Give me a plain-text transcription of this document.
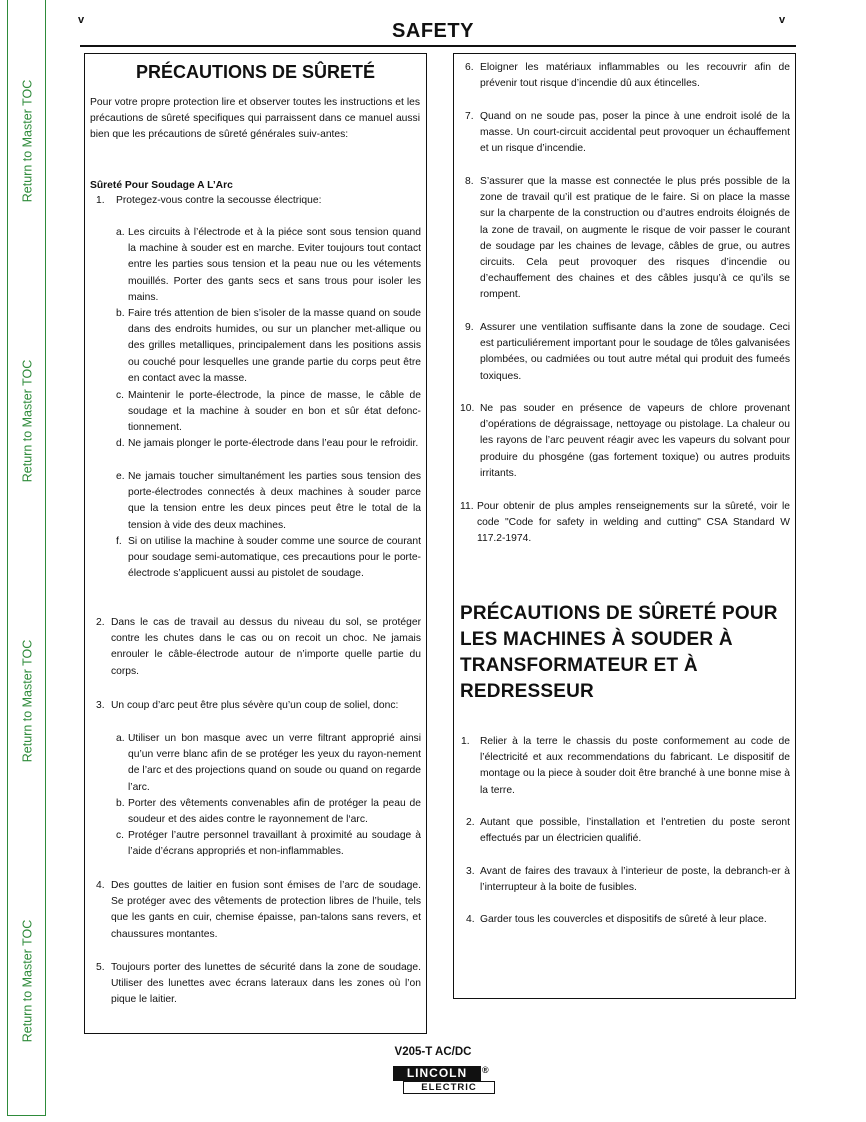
Return to Master TOC
Return to Master TOC
Return to Master TOC
Return to Master TOC
v	v
SAFETY
PRÉCAUTIONS DE SÛRETÉ
Pour votre propre protection lire et observer toutes les instructions et les précautions de sûreté specifiques qui parraissent dans ce manuel aussi bien que les précautions de sûreté générales suiv-antes:
Sûreté Pour Soudage A L’Arc
1. Protegez-vous contre la secousse électrique:
a. Les circuits à l’électrode et à la piéce sont sous tension quand la machine à souder est en marche. Eviter toujours tout contact entre les parties sous tension et la peau nue ou les vétements mouillés. Porter des gants secs et sans trous pour isoler les mains.
b. Faire trés attention de bien s’isoler de la masse quand on soude dans des endroits humides, ou sur un plancher met-allique ou des grilles metalliques, principalement dans les positions assis ou couché pour lesquelles une grande partie du corps peut être en contact avec la masse.
c. Maintenir le porte-électrode, la pince de masse, le câble de soudage et la machine à souder en bon et sûr état defonc-tionnement.
d. Ne jamais plonger le porte-électrode dans l’eau pour le refroidir.
e. Ne jamais toucher simultanément les parties sous tension des porte-électrodes connectés à deux machines à souder parce que la tension entre les deux pinces peut être le total de la tension à vide des deux machines.
f. Si on utilise la machine à souder comme une source de courant pour soudage semi-automatique, ces precautions pour le porte-électrode s’applicuent aussi au pistolet de soudage.
2. Dans le cas de travail au dessus du niveau du sol, se protéger contre les chutes dans le cas ou on recoit un choc. Ne jamais enrouler le câble-électrode autour de n’importe quelle partie du corps.
3. Un coup d’arc peut être plus sévère qu’un coup de soliel, donc:
a. Utiliser un bon masque avec un verre filtrant approprié ainsi qu’un verre blanc afin de se protéger les yeux du rayon-nement de l’arc et des projections quand on soude ou quand on regarde l’arc.
b. Porter des vêtements convenables afin de protéger la peau de soudeur et des aides contre le rayonnement de l‘arc.
c. Protéger l’autre personnel travaillant à proximité au soudage à l’aide d’écrans appropriés et non-inflammables.
4. Des gouttes de laitier en fusion sont émises de l’arc de soudage. Se protéger avec des vêtements de protection libres de l’huile, tels que les gants en cuir, chemise épaisse, pan-talons sans revers, et chaussures montantes.
5. Toujours porter des lunettes de sécurité dans la zone de soudage. Utiliser des lunettes avec écrans lateraux dans les zones où l’on pique le laitier.
6. Eloigner les matériaux inflammables ou les recouvrir afin de prévenir tout risque d’incendie dû aux étincelles.
7. Quand on ne soude pas, poser la pince à une endroit isolé de la masse. Un court-circuit accidental peut provoquer un échauffement et un risque d’incendie.
8. S’assurer que la masse est connectée le plus prés possible de la zone de travail qu’il est pratique de le faire. Si on place la masse sur la charpente de la construction ou d’autres endroits éloignés de la zone de travail, on augmente le risque de voir passer le courant de soudage par les chaines de levage, câbles de grue, ou autres circuits. Cela peut provoquer des risques d’incendie ou d’echauffement des chaines et des câbles jusqu’à ce qu’ils se rompent.
9. Assurer une ventilation suffisante dans la zone de soudage. Ceci est particuliérement important pour le soudage de tôles galvanisées plombées, ou cadmiées ou tout autre métal qui produit des fumeés toxiques.
10. Ne pas souder en présence de vapeurs de chlore provenant d’opérations de dégraissage, nettoyage ou pistolage. La chaleur ou les rayons de l’arc peuvent réagir avec les vapeurs du solvant pour produire du phosgéne (gas fortement toxique) ou autres produits irritants.
11. Pour obtenir de plus amples renseignements sur la sûreté, voir le code "Code for safety in welding and cutting" CSA Standard W 117.2-1974.
PRÉCAUTIONS DE SÛRETÉ POUR LES MACHINES À SOUDER À TRANSFORMATEUR ET À REDRESSEUR
1. Relier à la terre le chassis du poste conformement au code de l’électricité et aux recommendations du fabricant. Le dispositif de montage ou la piece à souder doit être branché à une bonne mise à la terre.
2. Autant que possible, l’installation et l’entretien du poste seront effectués par un électricien qualifié.
3. Avant de faires des travaux à l’interieur de poste, la debranch-er à l’interrupteur à la boite de fusibles.
4. Garder tous les couvercles et dispositifs de sûreté à leur place.
V205-T AC/DC
LINCOLN	®
ELECTRIC
